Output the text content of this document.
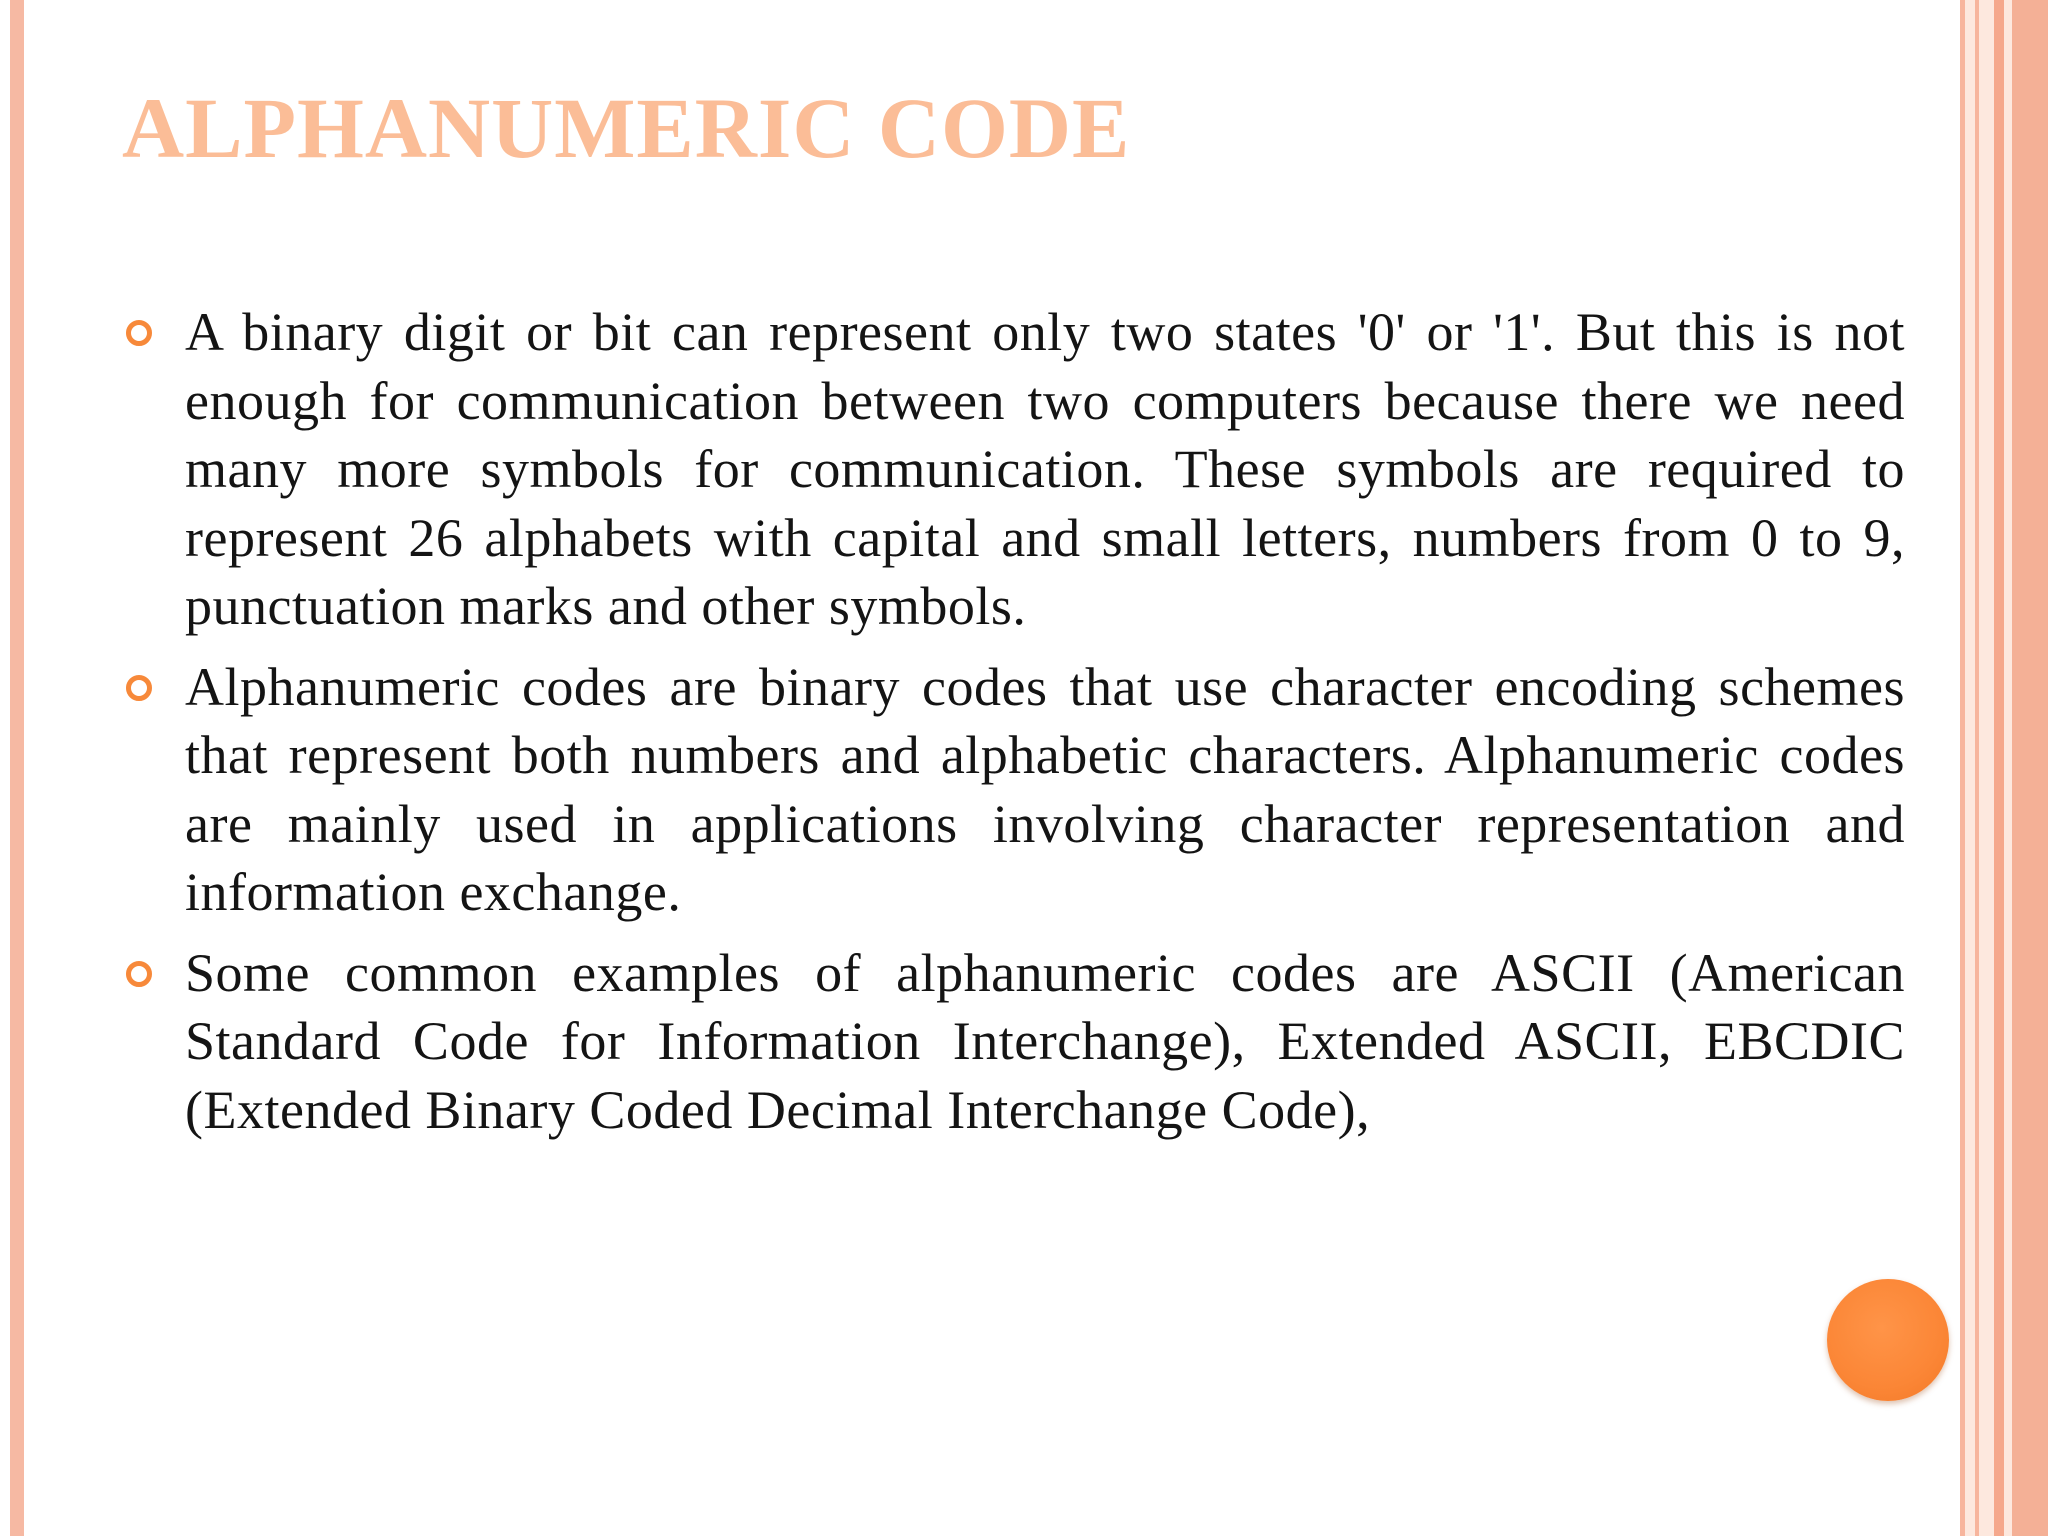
ALPHANUMERIC CODE
A binary digit or bit can represent only two states '0' or '1'. But this is not enough for communication between two computers because there we need many more symbols for communication. These symbols are required to represent 26 alphabets with capital and small letters, numbers from 0 to 9, punctuation marks and other symbols.
Alphanumeric codes are binary codes that use character encoding schemes that represent both numbers and alphabetic characters. Alphanumeric codes are mainly used in applications involving character representation and information exchange.
Some common examples of alphanumeric codes are ASCII (American Standard Code for Information Interchange), Extended ASCII, EBCDIC (Extended Binary Coded Decimal Interchange Code),
